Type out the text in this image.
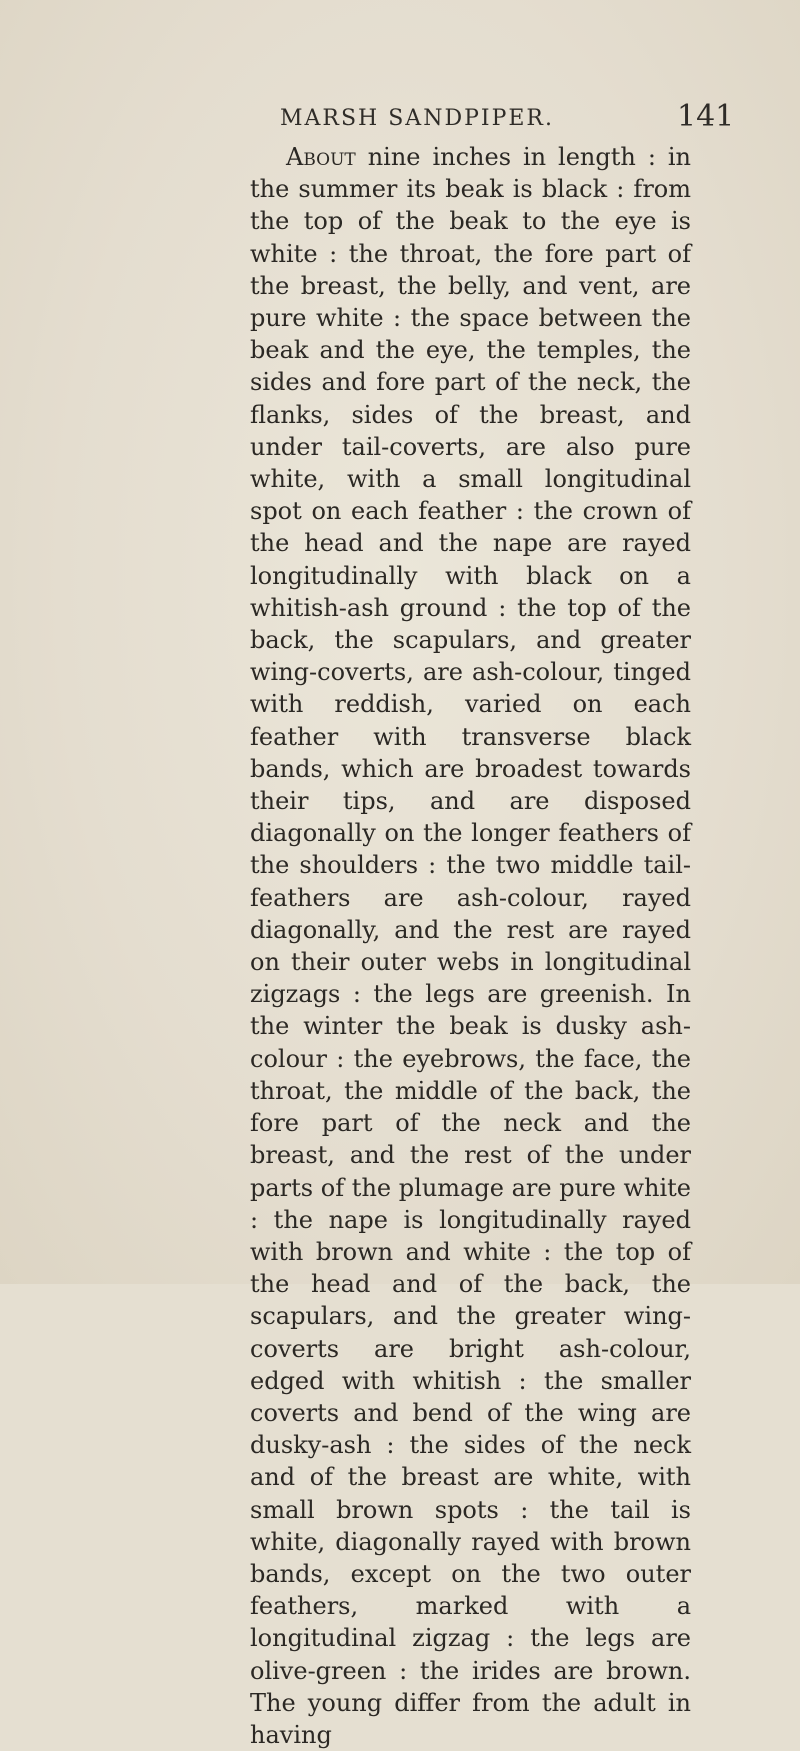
MARSH SANDPIPER.	141

About nine inches in length : in the summer its beak is black : from the top of the beak to the eye is white : the throat, the fore part of the breast, the belly, and vent, are pure white : the space between the beak and the eye, the temples, the sides and fore part of the neck, the flanks, sides of the breast, and under tail-coverts, are also pure white, with a small longitudinal spot on each feather : the crown of the head and the nape are rayed longitudinally with black on a whitish-ash ground : the top of the back, the scapulars, and greater wing-coverts, are ash-colour, tinged with reddish, varied on each feather with transverse black bands, which are broadest towards their tips, and are disposed diagonally on the longer feathers of the shoulders : the two middle tail-feathers are ash-colour, rayed diagonally, and the rest are rayed on their outer webs in longitudinal zigzags : the legs are greenish. In the winter the beak is dusky ash-colour : the eyebrows, the face, the throat, the middle of the back, the fore part of the neck and the breast, and the rest of the under parts of the plumage are pure white : the nape is longitudinally rayed with brown and white : the top of the head and of the back, the scapulars, and the greater wing-coverts are bright ash-colour, edged with whitish : the smaller coverts and bend of the wing are dusky-ash : the sides of the neck and of the breast are white, with small brown spots : the tail is white, diagonally rayed with brown bands, except on the two outer feathers, marked with a longitudinal zigzag : the legs are olive-green : the irides are brown. The young differ from the adult in having
